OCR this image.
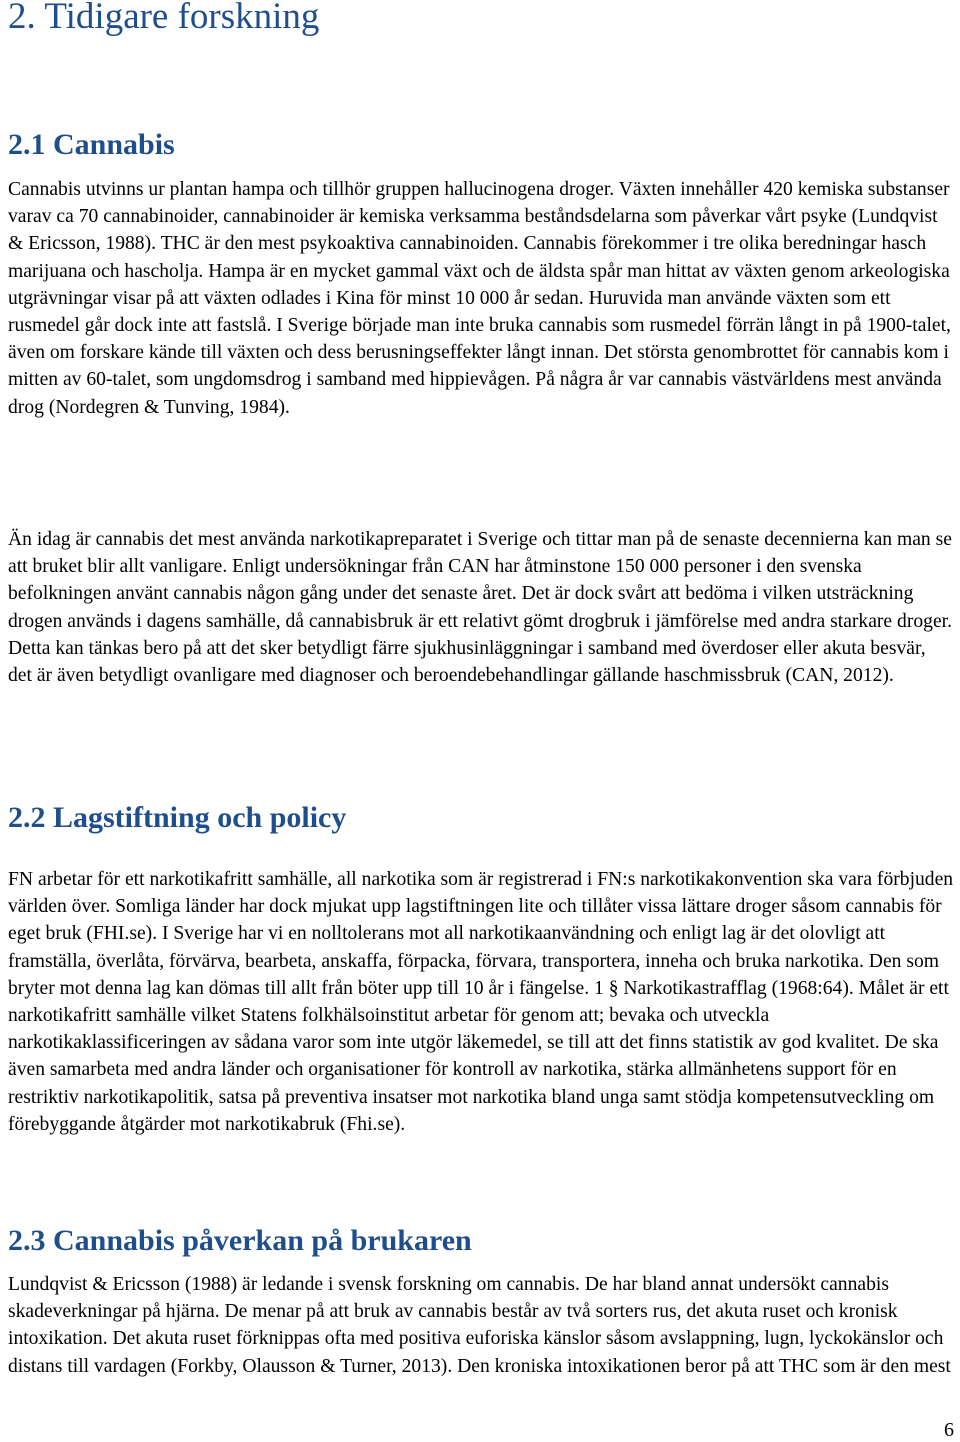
2. Tidigare forskning
2.1 Cannabis

Cannabis utvinns ur plantan hampa och tillhör gruppen hallucinogena droger. Växten innehåller 420 kemiska substanser varav ca 70 cannabinoider, cannabinoider är kemiska verksamma beståndsdelarna som påverkar vårt psyke (Lundqvist & Ericsson, 1988). THC är den mest psykoaktiva cannabinoiden. Cannabis förekommer i tre olika beredningar hasch marijuana och hascholja. Hampa är en mycket gammal växt och de äldsta spår man hittat av växten genom arkeologiska utgrävningar visar på att växten odlades i Kina för minst 10 000 år sedan. Huruvida man använde växten som ett rusmedel går dock inte att fastslå. I Sverige började man inte bruka cannabis som rusmedel förrän långt in på 1900-talet, även om forskare kände till växten och dess berusningseffekter långt innan. Det största genombrottet för cannabis kom i mitten av 60-talet, som ungdomsdrog i samband med hippievågen. På några år var cannabis västvärldens mest använda drog (Nordegren & Tunving, 1984).

Än idag är cannabis det mest använda narkotikapreparatet i Sverige och tittar man på de senaste decennierna kan man se att bruket blir allt vanligare. Enligt undersökningar från CAN har åtminstone 150 000 personer i den svenska befolkningen använt cannabis någon gång under det senaste året. Det är dock svårt att bedöma i vilken utsträckning drogen används i dagens samhälle, då cannabisbruk är ett relativt gömt drogbruk i jämförelse med andra starkare droger. Detta kan tänkas bero på att det sker betydligt färre sjukhusinläggningar i samband med överdoser eller akuta besvär, det är även betydligt ovanligare med diagnoser och beroendebehandlingar gällande haschmissbruk (CAN, 2012).

2.2 Lagstiftning och policy

FN arbetar för ett narkotikafritt samhälle, all narkotika som är registrerad i FN:s narkotikakonvention ska vara förbjuden världen över. Somliga länder har dock mjukat upp lagstiftningen lite och tillåter vissa lättare droger såsom cannabis för eget bruk (FHI.se). I Sverige har vi en nolltolerans mot all narkotikaanvändning och enligt lag är det olovligt att framställa, överlåta, förvärva, bearbeta, anskaffa, förpacka, förvara, transportera, inneha och bruka narkotika. Den som bryter mot denna lag kan dömas till allt från böter upp till 10 år i fängelse. 1 § Narkotikastrafflag (1968:64). Målet är ett narkotikafritt samhälle vilket Statens folkhälsoinstitut arbetar för genom att; bevaka och utveckla narkotikaklassificeringen av sådana varor som inte utgör läkemedel, se till att det finns statistik av god kvalitet. De ska även samarbeta med andra länder och organisationer för kontroll av narkotika, stärka allmänhetens support för en restriktiv narkotikapolitik, satsa på preventiva insatser mot narkotika bland unga samt stödja kompetensutveckling om förebyggande åtgärder mot narkotikabruk (Fhi.se).

2.3 Cannabis påverkan på brukaren

Lundqvist & Ericsson (1988) är ledande i svensk forskning om cannabis. De har bland annat undersökt cannabis skadeverkningar på hjärna. De menar på att bruk av cannabis består av två sorters rus, det akuta ruset och kronisk intoxikation. Det akuta ruset förknippas ofta med positiva euforiska känslor såsom avslappning, lugn, lyckokänslor och distans till vardagen (Forkby, Olausson & Turner, 2013). Den kroniska intoxikationen beror på att THC som är den mest

6
